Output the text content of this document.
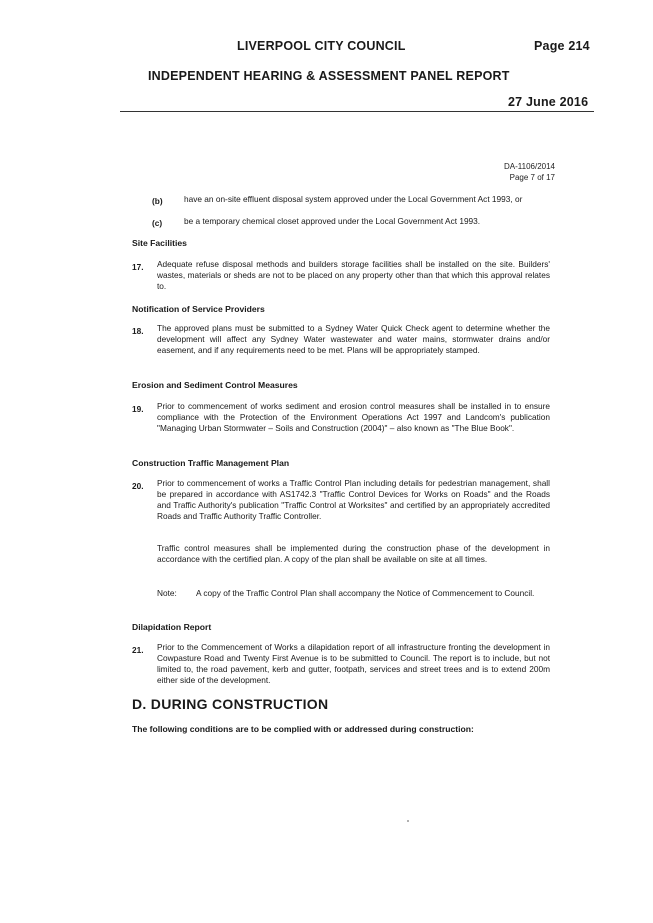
LIVERPOOL CITY COUNCIL	Page 214
INDEPENDENT HEARING & ASSESSMENT PANEL REPORT
27 June 2016
DA-1106/2014
Page 7 of 17
(b)	have an on-site effluent disposal system approved under the Local Government Act 1993, or
(c)	be a temporary chemical closet approved under the Local Government Act 1993.
Site Facilities
17. Adequate refuse disposal methods and builders storage facilities shall be installed on the site. Builders' wastes, materials or sheds are not to be placed on any property other than that which this approval relates to.
Notification of Service Providers
18. The approved plans must be submitted to a Sydney Water Quick Check agent to determine whether the development will affect any Sydney Water wastewater and water mains, stormwater drains and/or easement, and if any requirements need to be met. Plans will be appropriately stamped.
Erosion and Sediment Control Measures
19. Prior to commencement of works sediment and erosion control measures shall be installed in to ensure compliance with the Protection of the Environment Operations Act 1997 and Landcom's publication "Managing Urban Stormwater – Soils and Construction (2004)" – also known as "The Blue Book".
Construction Traffic Management Plan
20. Prior to commencement of works a Traffic Control Plan including details for pedestrian management, shall be prepared in accordance with AS1742.3 "Traffic Control Devices for Works on Roads" and the Roads and Traffic Authority's publication "Traffic Control at Worksites" and certified by an appropriately accredited Roads and Traffic Authority Traffic Controller.
Traffic control measures shall be implemented during the construction phase of the development in accordance with the certified plan. A copy of the plan shall be available on site at all times.
Note: A copy of the Traffic Control Plan shall accompany the Notice of Commencement to Council.
Dilapidation Report
21. Prior to the Commencement of Works a dilapidation report of all infrastructure fronting the development in Cowpasture Road and Twenty First Avenue is to be submitted to Council. The report is to include, but not limited to, the road pavement, kerb and gutter, footpath, services and street trees and is to extend 200m either side of the development.
D. DURING CONSTRUCTION
The following conditions are to be complied with or addressed during construction:
